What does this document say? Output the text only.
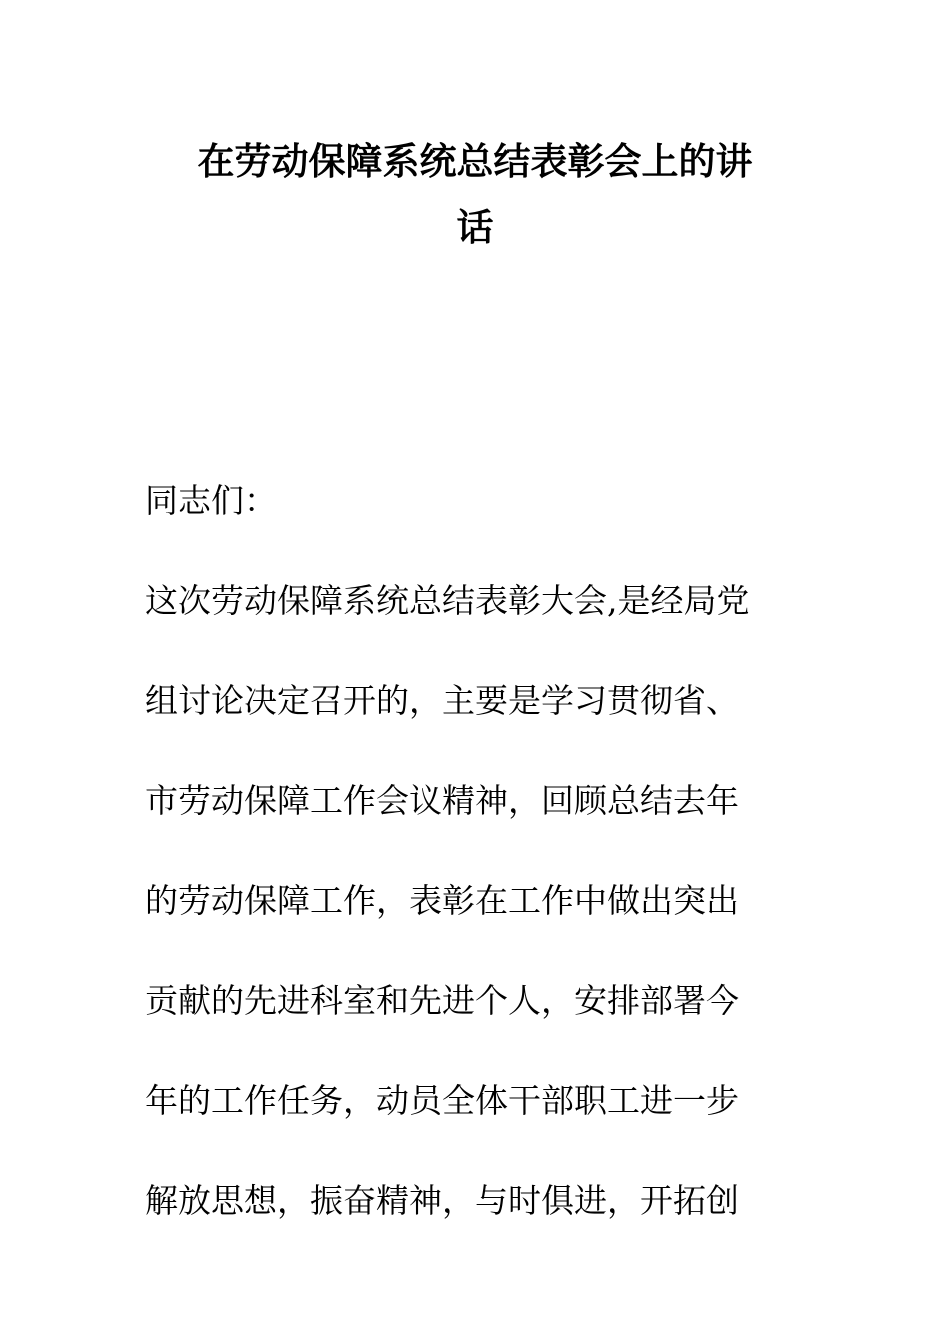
在劳动保障系统总结表彰会上的讲
话

同志们：

这次劳动保障系统总结表彰大会,是经局党

组讨论决定召开的，主要是学习贯彻省、

市劳动保障工作会议精神，回顾总结去年

的劳动保障工作，表彰在工作中做出突出

贡献的先进科室和先进个人，安排部署今

年的工作任务，动员全体干部职工进一步

解放思想，振奋精神，与时俱进，开拓创
